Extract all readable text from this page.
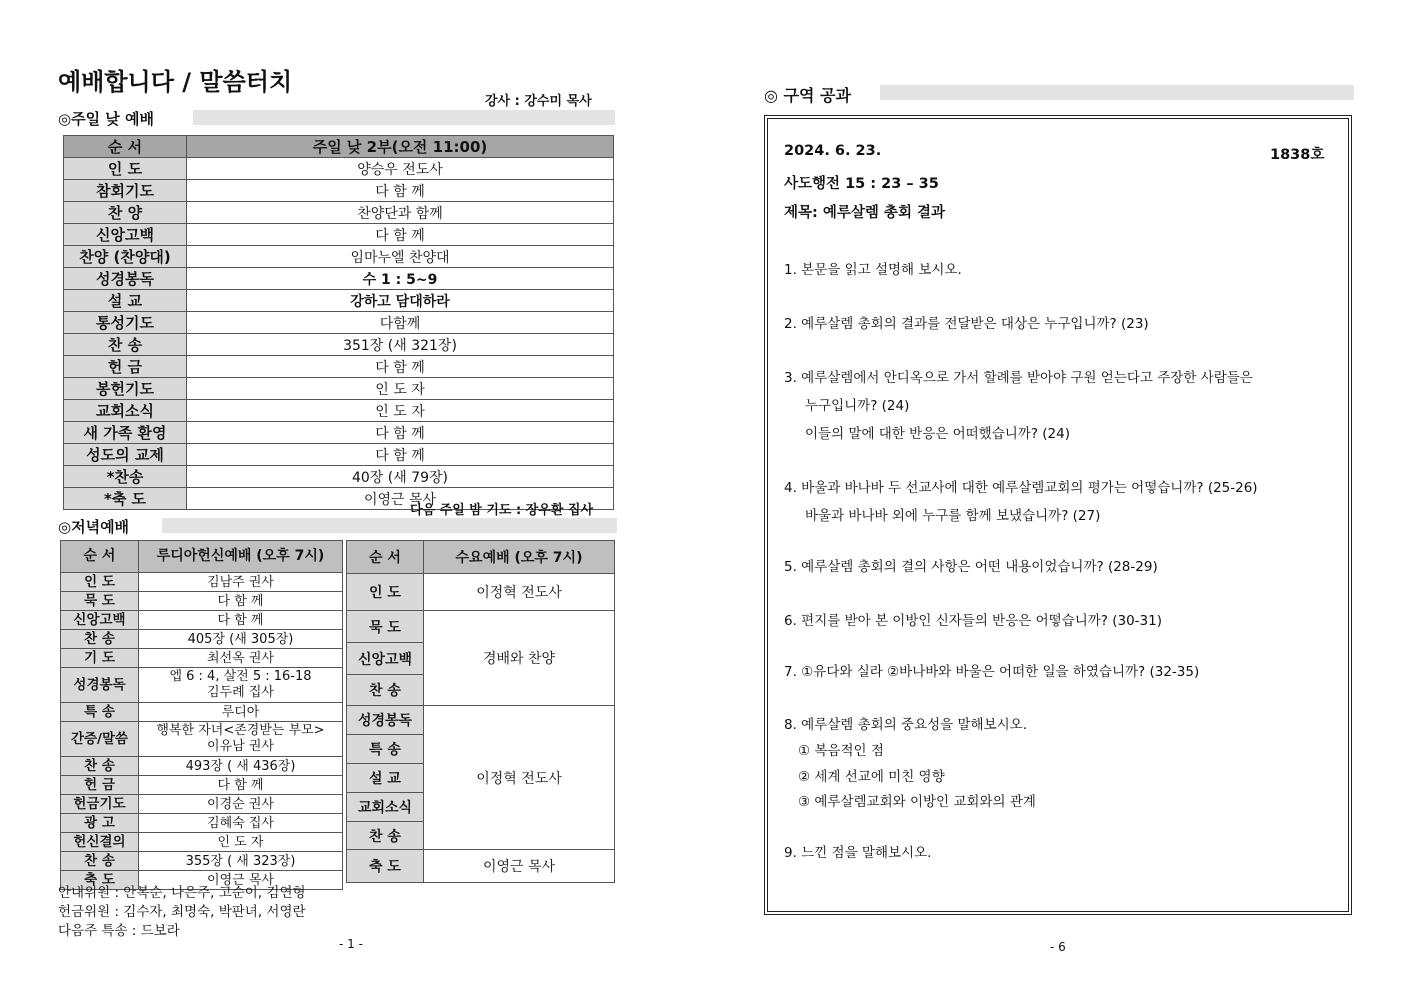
예배합니다 / 말씀터치
강사 : 강수미 목사
◎주일 낮 예배
순 서	주일 낮 2부(오전 11:00)
인 도	양승우 전도사
참회기도	다 함 께
찬 양	찬양단과 함께
신앙고백	다 함 께
찬양 (찬양대)	임마누엘 찬양대
성경봉독	수 1 : 5~9
설 교	강하고 담대하라
통성기도	다함께
찬 송	351장 (새 321장)
헌 금	다 함 께
봉헌기도	인 도 자
교회소식	인 도 자
새 가족 환영	다 함 께
성도의 교제	다 함 께
*찬송	40장 (새 79장)
*축 도	이영근 목사
다음 주일 밤 기도 : 장우환 집사
◎저녁예배
순 서	루디아헌신예배 (오후 7시)
인 도	김남주 권사
묵 도	다 함 께
신앙고백	다 함 께
찬 송	405장 (새 305장)
기 도	최선옥 권사
성경봉독	엡 6 : 4, 살전 5 : 16-18
김두례 집사
특 송	루디아
간증/말씀	행복한 자녀<존경받는 부모>
이유남 권사
찬 송	493장 ( 새 436장)
헌 금	다 함 께
헌금기도	이경순 권사
광 고	김혜숙 집사
헌신결의	인 도 자
찬 송	355장 ( 새 323장)
축 도	이영근 목사
순 서	수요예배 (오후 7시)
인 도	이정혁 전도사
묵 도	경배와 찬양
신앙고백	
찬 송	
성경봉독	이정혁 전도사
특 송	
설 교	
교회소식	
찬 송	
축 도	이영근 목사
안내위원 : 안복순, 나은주, 고순이, 김연형
헌금위원 : 김수자, 최명숙, 박판녀, 서영란
다음주 특송 : 드보라
- 1 -
◎ 구역 공과
2024. 6. 23.	1838호
사도행전 15 : 23 – 35
제목: 예루살렘 총회 결과
1. 본문을 읽고 설명해 보시오.
2. 예루살렘 총회의 결과를 전달받은 대상은 누구입니까? (23)
3. 예루살렘에서 안디옥으로 가서 할례를 받아야 구원 얻는다고 주장한 사람들은
누구입니까? (24)
이들의 말에 대한 반응은 어떠했습니까? (24)
4. 바울과 바나바 두 선교사에 대한 예루살렘교회의 평가는 어떻습니까? (25-26)
바울과 바나바 외에 누구를 함께 보냈습니까? (27)
5. 예루살렘 총회의 결의 사항은 어떤 내용이었습니까? (28-29)
6. 편지를 받아 본 이방인 신자들의 반응은 어떻습니까? (30-31)
7. ①유다와 실라 ②바나바와 바울은 어떠한 일을 하였습니까? (32-35)
8. 예루살렘 총회의 중요성을 말해보시오.
① 복음적인 점
② 세계 선교에 미친 영향
③ 예루살렘교회와 이방인 교회와의 관계
9. 느낀 점을 말해보시오.
- 6
